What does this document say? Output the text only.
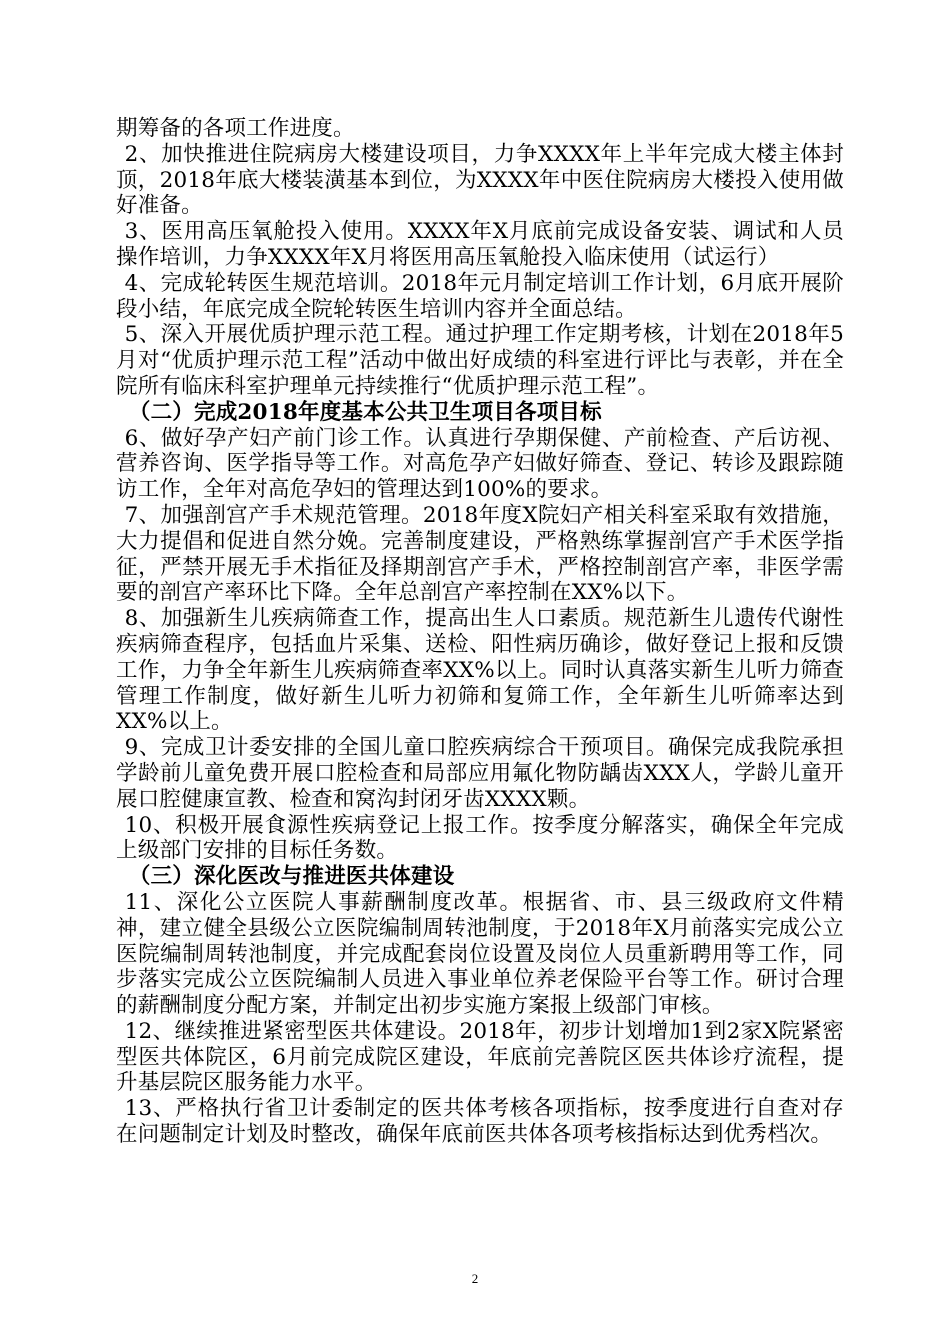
期筹备的各项工作进度。

2、加快推进住院病房大楼建设项目，力争XXXX年上半年完成大楼主体封顶，2018年底大楼装潢基本到位，为XXXX年中医住院病房大楼投入使用做好准备。

3、医用高压氧舱投入使用。XXXX年X月底前完成设备安装、调试和人员操作培训，力争XXXX年X月将医用高压氧舱投入临床使用（试运行）

4、完成轮转医生规范培训。2018年元月制定培训工作计划，6月底开展阶段小结，年底完成全院轮转医生培训内容并全面总结。

5、深入开展优质护理示范工程。通过护理工作定期考核，计划在2018年5月对“优质护理示范工程”活动中做出好成绩的科室进行评比与表彰，并在全院所有临床科室护理单元持续推行“优质护理示范工程”。

（二）完成2018年度基本公共卫生项目各项目标

6、做好孕产妇产前门诊工作。认真进行孕期保健、产前检查、产后访视、营养咨询、医学指导等工作。对高危孕产妇做好筛查、登记、转诊及跟踪随访工作，全年对高危孕妇的管理达到100%的要求。

7、加强剖宫产手术规范管理。2018年度X院妇产相关科室采取有效措施，大力提倡和促进自然分娩。完善制度建设，严格熟练掌握剖宫产手术医学指征，严禁开展无手术指征及择期剖宫产手术，严格控制剖宫产率，非医学需要的剖宫产率环比下降。全年总剖宫产率控制在XX%以下。

8、加强新生儿疾病筛查工作，提高出生人口素质。规范新生儿遗传代谢性疾病筛查程序，包括血片采集、送检、阳性病历确诊，做好登记上报和反馈工作，力争全年新生儿疾病筛查率XX%以上。同时认真落实新生儿听力筛查管理工作制度，做好新生儿听力初筛和复筛工作，全年新生儿听筛率达到XX%以上。

9、完成卫计委安排的全国儿童口腔疾病综合干预项目。确保完成我院承担学龄前儿童免费开展口腔检查和局部应用氟化物防龋齿XXX人，学龄儿童开展口腔健康宣教、检查和窝沟封闭牙齿XXXX颗。

10、积极开展食源性疾病登记上报工作。按季度分解落实，确保全年完成上级部门安排的目标任务数。

（三）深化医改与推进医共体建设

11、深化公立医院人事薪酬制度改革。根据省、市、县三级政府文件精神，建立健全县级公立医院编制周转池制度，于2018年X月前落实完成公立医院编制周转池制度，并完成配套岗位设置及岗位人员重新聘用等工作，同步落实完成公立医院编制人员进入事业单位养老保险平台等工作。研讨合理的薪酬制度分配方案，并制定出初步实施方案报上级部门审核。

12、继续推进紧密型医共体建设。2018年，初步计划增加1到2家X院紧密型医共体院区，6月前完成院区建设，年底前完善院区医共体诊疗流程，提升基层院区服务能力水平。

13、严格执行省卫计委制定的医共体考核各项指标，按季度进行自查对存在问题制定计划及时整改，确保年底前医共体各项考核指标达到优秀档次。

2
